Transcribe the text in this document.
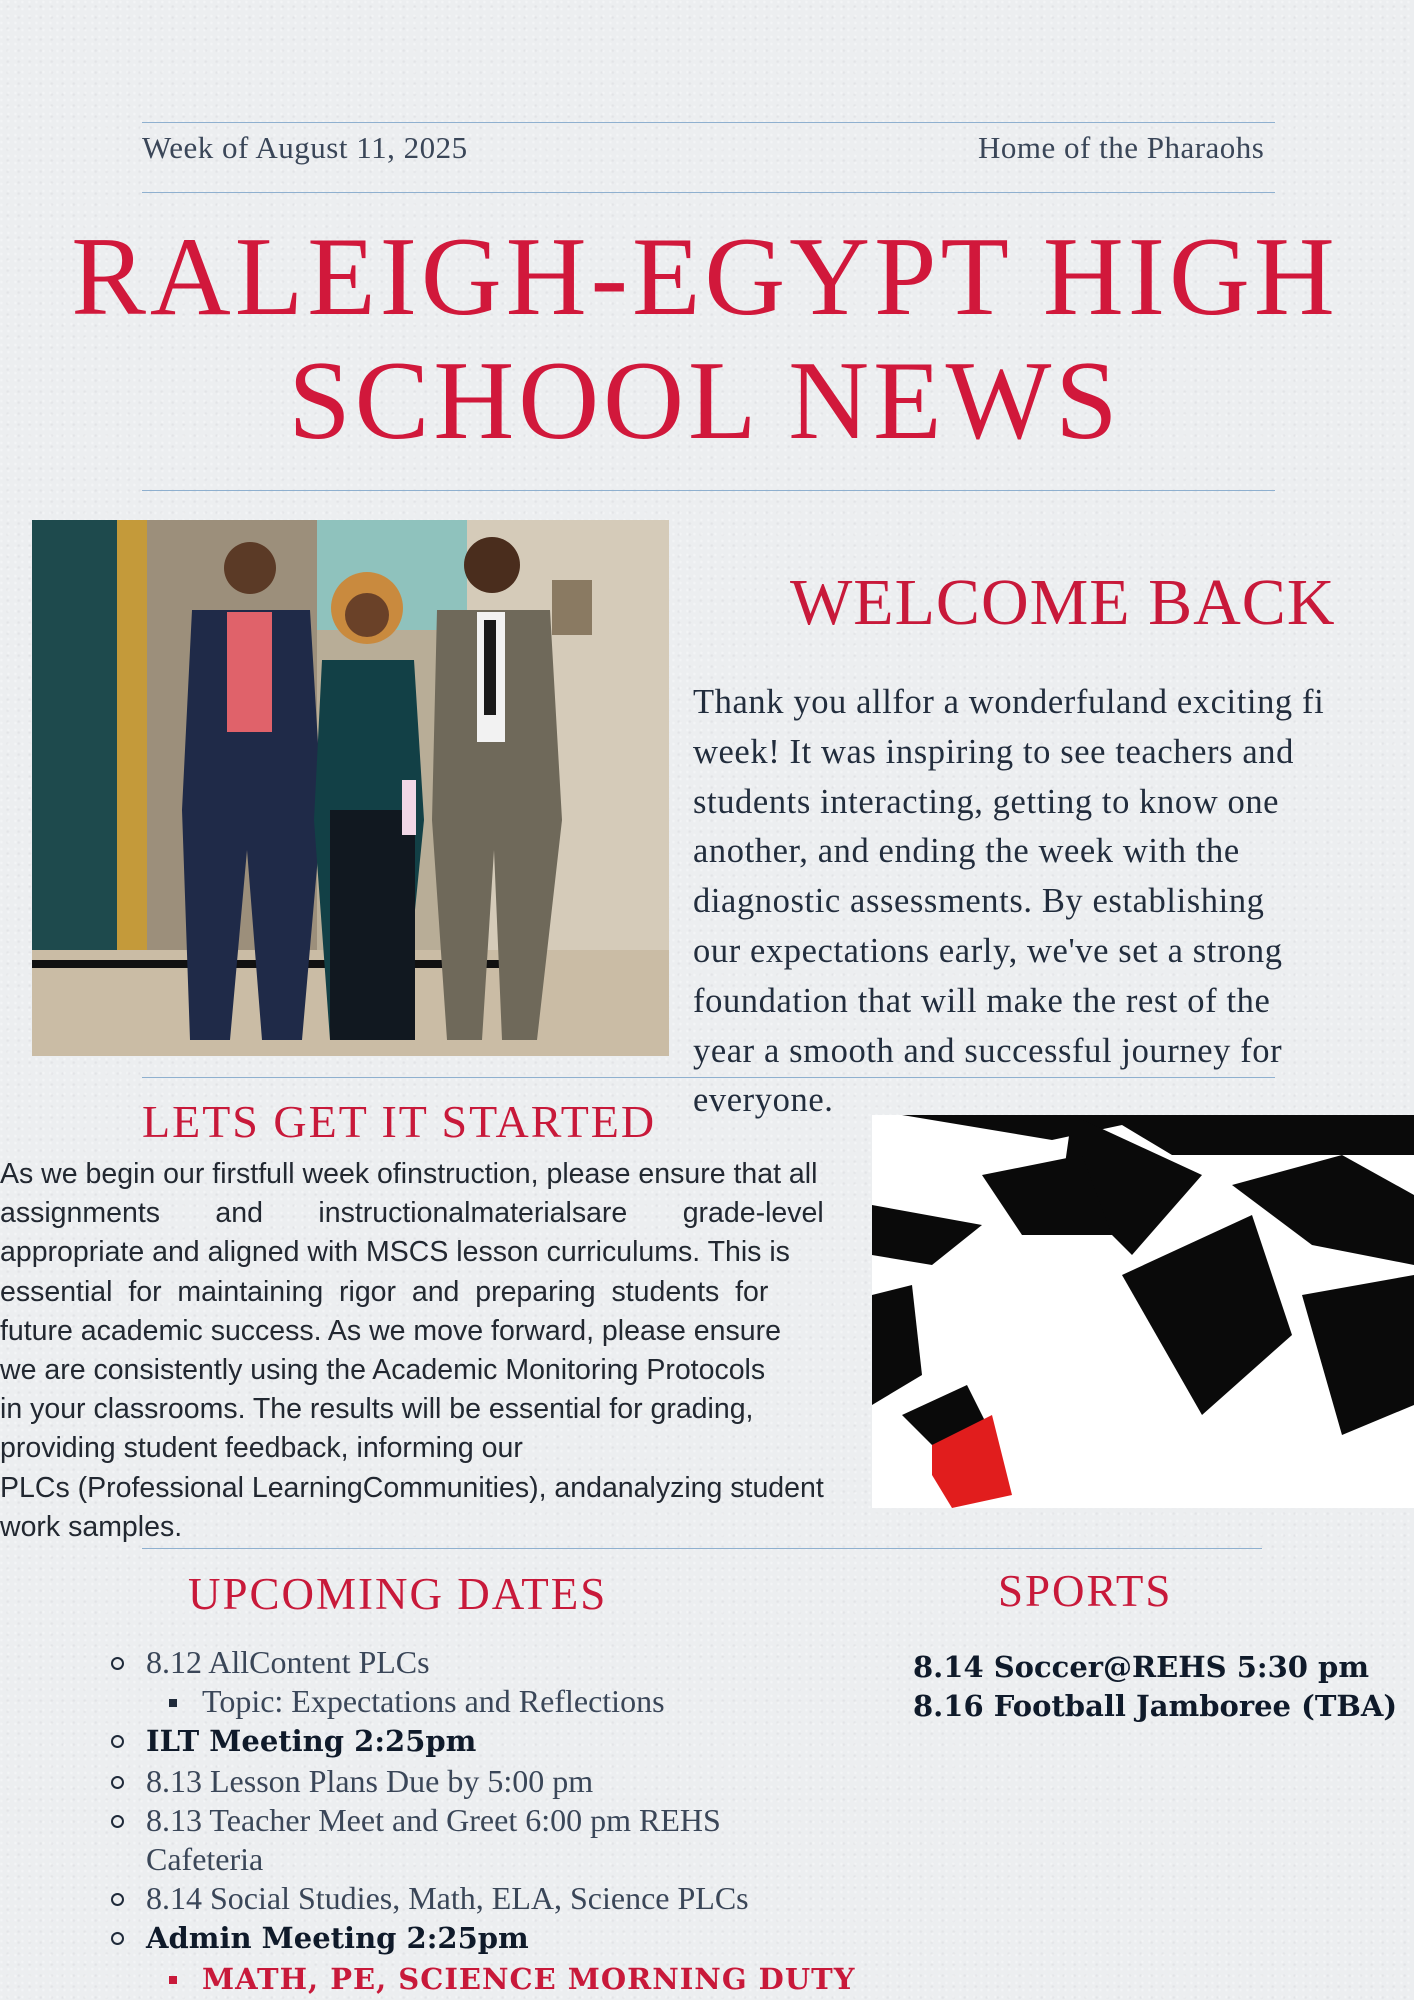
Week of August 11, 2025	Home of the Pharaohs
RALEIGH-EGYPT HIGH
SCHOOL NEWS
WELCOME BACK
Thank you allfor a wonderfuland exciting fi
week! It was inspiring to see teachers and
students interacting, getting to know one
another, and ending the week with the
diagnostic assessments. By establishing
our expectations early, we've set a strong
foundation that will make the rest of the
year a smooth and successful journey for
everyone.
LETS GET IT STARTED
As we begin our firstfull week ofinstruction, please ensure that all
assignments       and       instructionalmaterialsare       grade-level
appropriate and aligned with MSCS lesson curriculums. This is
essential  for  maintaining  rigor  and  preparing  students  for
future academic success. As we move forward, please ensure
we are consistently using the Academic Monitoring Protocols
in your classrooms. The results will be essential for grading,
providing student feedback, informing our
PLCs (Professional LearningCommunities), andanalyzing student
work samples.
UPCOMING DATES
8.12 AllContent PLCs
Topic: Expectations and Reflections
ILT Meeting 2:25pm
8.13 Lesson Plans Due by 5:00 pm
8.13 Teacher Meet and Greet 6:00 pm REHS
Cafeteria
8.14 Social Studies, Math, ELA, Science PLCs
Admin Meeting 2:25pm
MATH, PE, SCIENCE MORNING DUTY
SPORTS
8.14 Soccer@REHS 5:30 pm
8.16 Football Jamboree (TBA)
